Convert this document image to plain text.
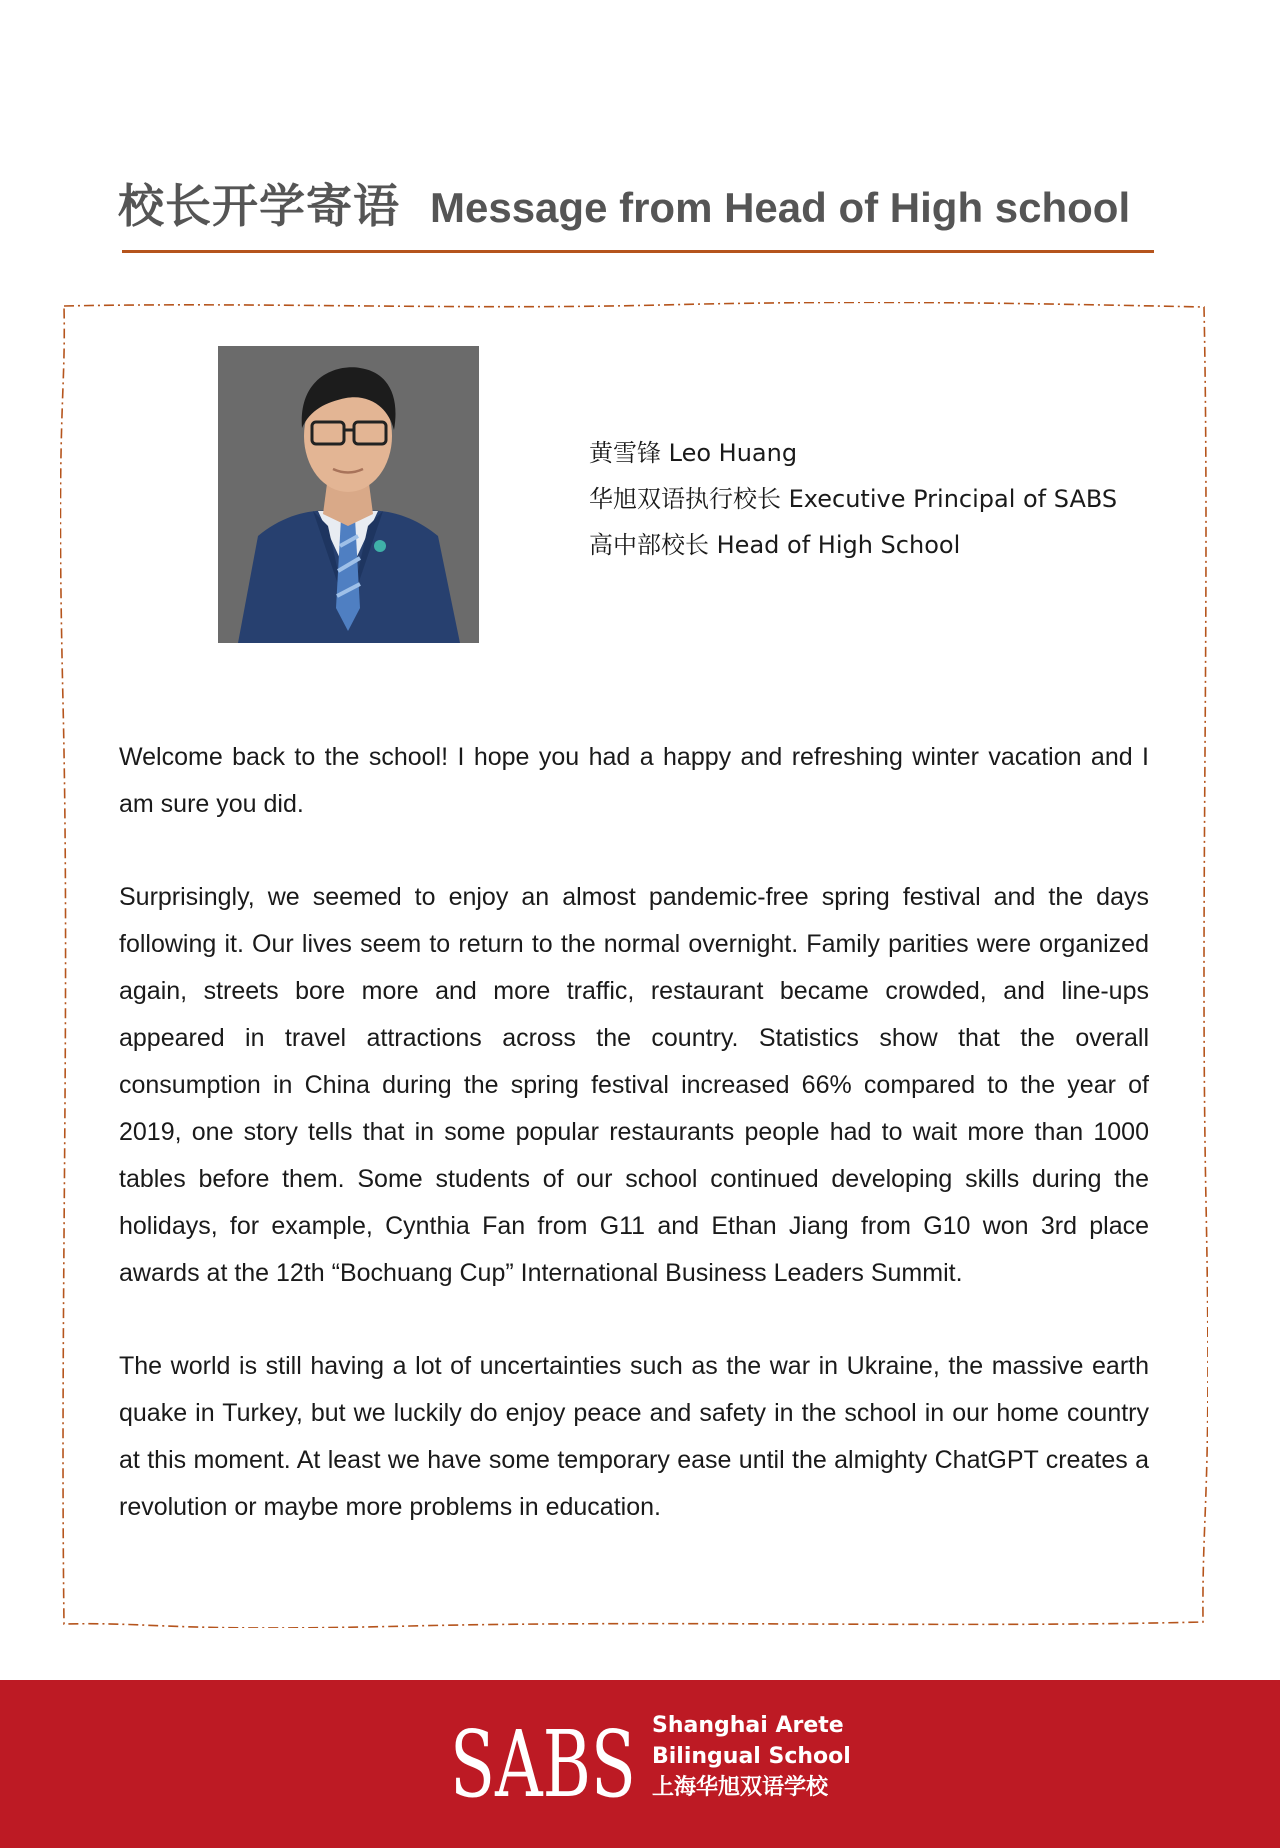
校长开学寄语 Message from Head of High school
黄雪锋 Leo Huang
华旭双语执行校长 Executive Principal of SABS
高中部校长 Head of High School

Welcome back to the school! I hope you had a happy and refreshing winter vacation and I am sure you did.

Surprisingly, we seemed to enjoy an almost pandemic-free spring festival and the days following it. Our lives seem to return to the normal overnight. Family parities were organized again, streets bore more and more traffic, restaurant became crowded, and line-ups appeared in travel attractions across the country. Statistics show that the overall consumption in China during the spring festival increased 66% compared to the year of 2019, one story tells that in some popular restaurants people had to wait more than 1000 tables before them. Some students of our school continued developing skills during the holidays, for example, Cynthia Fan from G11 and Ethan Jiang from G10 won 3rd place awards at the 12th “Bochuang Cup” International Business Leaders Summit.

The world is still having a lot of uncertainties such as the war in Ukraine, the massive earth quake in Turkey, but we luckily do enjoy peace and safety in the school in our home country at this moment. At least we have some temporary ease until the almighty ChatGPT creates a revolution or maybe more problems in education.

SABS Shanghai Arete
Bilingual School
上海华旭双语学校
